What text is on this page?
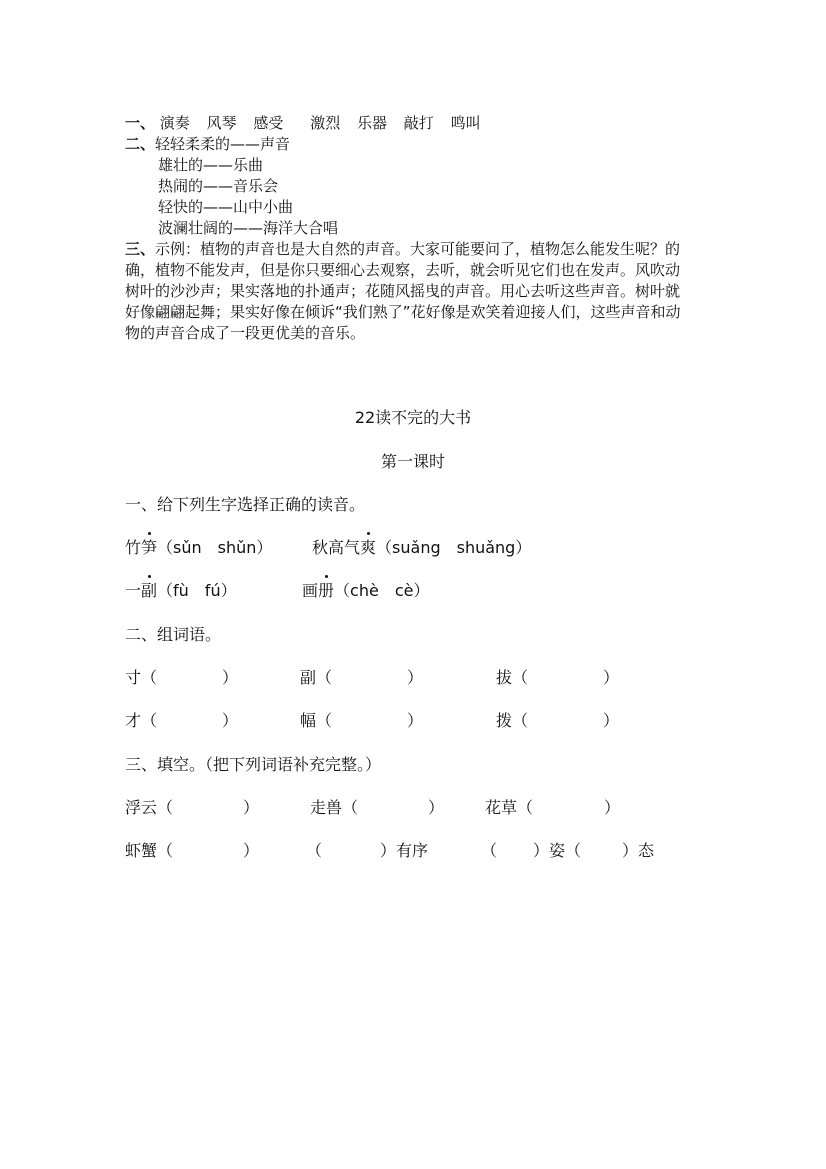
一、 演奏 风琴 感受 激烈 乐器 敲打 鸣叫
二、轻轻柔柔的——声音
雄壮的——乐曲
热闹的——音乐会
轻快的——山中小曲
波澜壮阔的——海洋大合唱
三、示例：植物的声音也是大自然的声音。大家可能要问了，植物怎么能发生呢？的确，植物不能发声，但是你只要细心去观察，去听，就会听见它们也在发声。风吹动树叶的沙沙声；果实落地的扑通声；花随风摇曳的声音。用心去听这些声音。树叶就好像翩翩起舞；果实好像在倾诉“我们熟了”花好像是欢笑着迎接人们，这些声音和动物的声音合成了一段更优美的音乐。
22读不完的大书
第一课时
一、给下列生字选择正确的读音。
竹笋（sǔn　shǔn） 秋高气爽（suǎng　shuǎng）
一副（fù　fú）	画册（chè　cè）
二、组词语。
寸（	）	副（	）	拔（	）
才（	）	幅（	）	拨（	）
三、填空。（把下列词语补充完整。）
浮云（	）	走兽（	）	花草（	）
虾蟹（	）	（	）有序	（ ）姿（	）态
